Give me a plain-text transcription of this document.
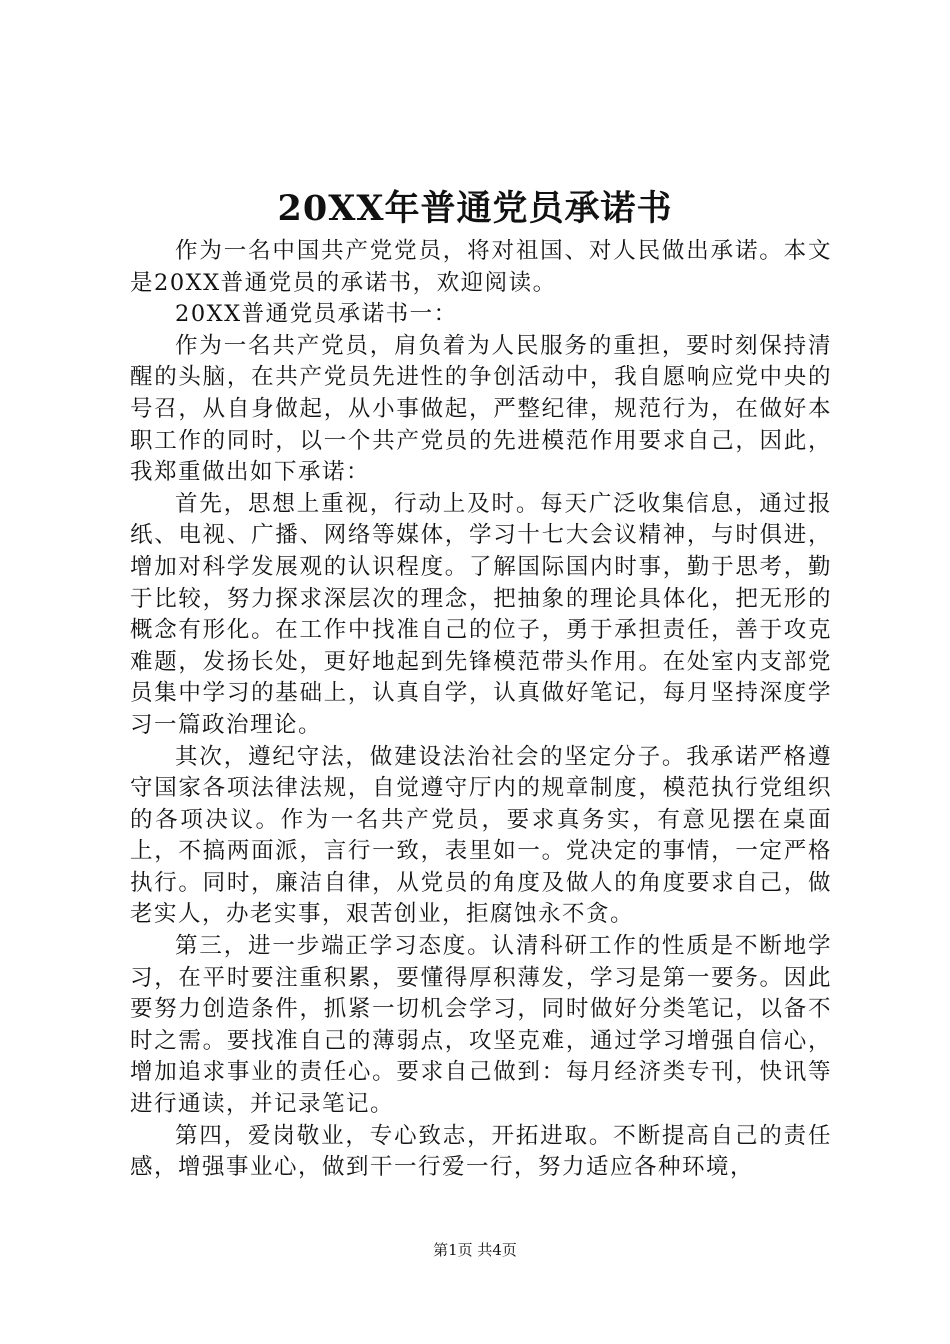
20XX年普通党员承诺书

作为一名中国共产党党员，将对祖国、对人民做出承诺。本文是20XX普通党员的承诺书，欢迎阅读。

20XX普通党员承诺书一：

作为一名共产党员，肩负着为人民服务的重担，要时刻保持清醒的头脑，在共产党员先进性的争创活动中，我自愿响应党中央的号召，从自身做起，从小事做起，严整纪律，规范行为，在做好本职工作的同时，以一个共产党员的先进模范作用要求自己，因此，我郑重做出如下承诺：

首先，思想上重视，行动上及时。每天广泛收集信息，通过报纸、电视、广播、网络等媒体，学习十七大会议精神，与时俱进，增加对科学发展观的认识程度。了解国际国内时事，勤于思考，勤于比较，努力探求深层次的理念，把抽象的理论具体化，把无形的概念有形化。在工作中找准自己的位子，勇于承担责任，善于攻克难题，发扬长处，更好地起到先锋模范带头作用。在处室内支部党员集中学习的基础上，认真自学，认真做好笔记，每月坚持深度学习一篇政治理论。

其次，遵纪守法，做建设法治社会的坚定分子。我承诺严格遵守国家各项法律法规，自觉遵守厅内的规章制度，模范执行党组织的各项决议。作为一名共产党员，要求真务实，有意见摆在桌面上，不搞两面派，言行一致，表里如一。党决定的事情，一定严格执行。同时，廉洁自律，从党员的角度及做人的角度要求自己，做老实人，办老实事，艰苦创业，拒腐蚀永不贪。

第三，进一步端正学习态度。认清科研工作的性质是不断地学习，在平时要注重积累，要懂得厚积薄发，学习是第一要务。因此要努力创造条件，抓紧一切机会学习，同时做好分类笔记，以备不时之需。要找准自己的薄弱点，攻坚克难，通过学习增强自信心，增加追求事业的责任心。要求自己做到：每月经济类专刊，快讯等进行通读，并记录笔记。

第四，爱岗敬业，专心致志，开拓进取。不断提高自己的责任感，增强事业心，做到干一行爱一行，努力适应各种环境，

第1页 共4页
